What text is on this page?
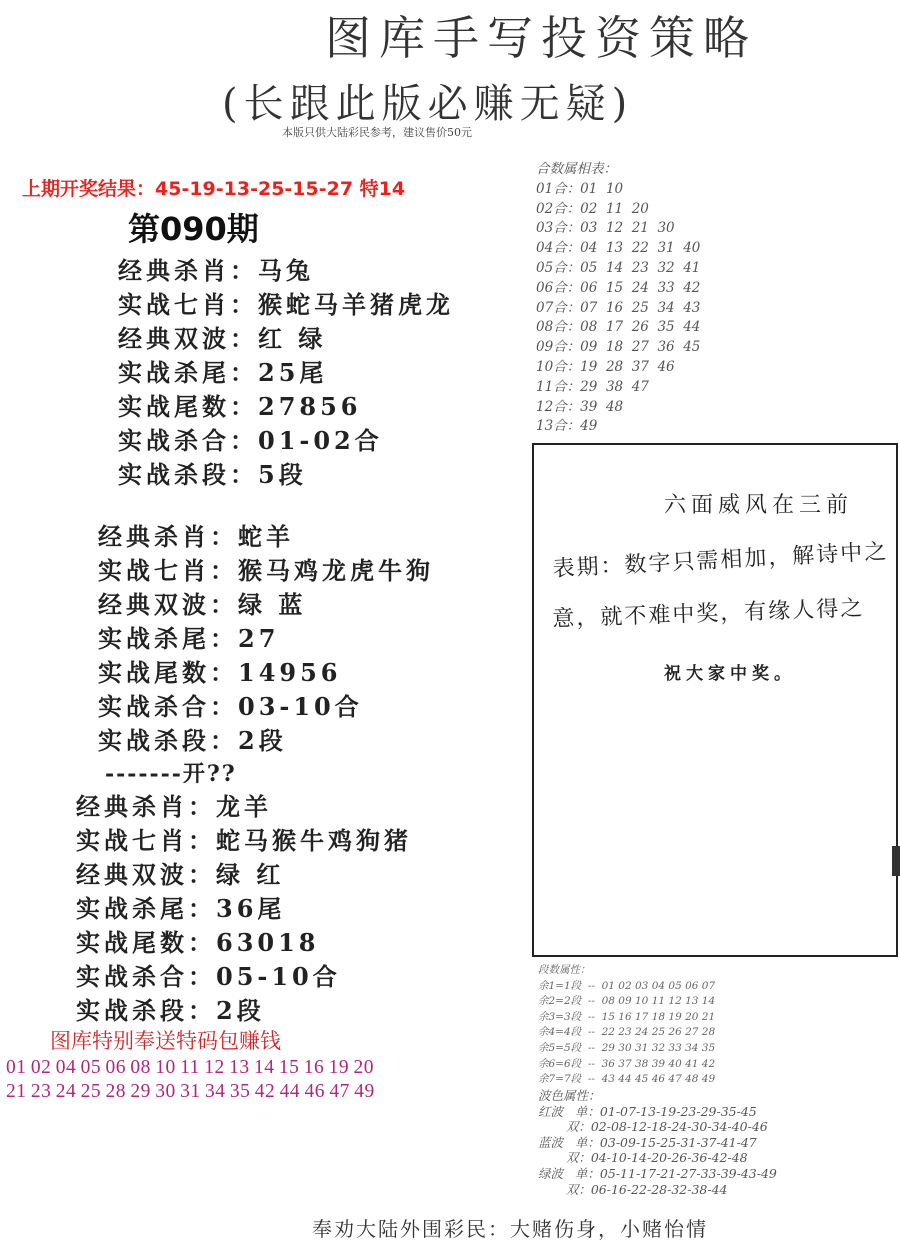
图库手写投资策略
(长跟此版必赚无疑)
本版只供大陆彩民参考，建议售价50元
上期开奖结果：45-19-13-25-15-27 特14
第090期
经典杀肖：马兔
实战七肖：猴蛇马羊猪虎龙
经典双波：红 绿
实战杀尾：25尾
实战尾数：27856
实战杀合：01-02合
实战杀段：5段
经典杀肖：蛇羊
实战七肖：猴马鸡龙虎牛狗
经典双波：绿 蓝
实战杀尾：27
实战尾数：14956
实战杀合：03-10合
实战杀段：2段
-------开??
经典杀肖：龙羊
实战七肖：蛇马猴牛鸡狗猪
经典双波：绿 红
实战杀尾：36尾
实战尾数：63018
实战杀合：05-10合
实战杀段：2段
图库特别奉送特码包赚钱
01 02 04 05 06 08 10 11 12 13 14 15 16 19 20
21 23 24 25 28 29 30 31 34 35 42 44 46 47 49
合数属相表：
01合：01  10
02合：02  11  20
03合：03  12  21  30
04合：04  13  22  31  40
05合：05  14  23  32  41
06合：06  15  24  33  42
07合：07  16  25  34  43
08合：08  17  26  35  44
09合：09  18  27  36  45
10合：19  28  37  46
11合：29  38  47
12合：39  48
13合：49
六面威风在三前
表期：数字只需相加，解诗中之
意，就不难中奖，有缘人得之
祝大家中奖。
段数属性：
余1=1段  --  01 02 03 04 05 06 07
余2=2段  --  08 09 10 11 12 13 14
余3=3段  --  15 16 17 18 19 20 21
余4=4段  --  22 23 24 25 26 27 28
余5=5段  --  29 30 31 32 33 34 35
余6=6段  --  36 37 38 39 40 41 42
余7=7段  --  43 44 45 46 47 48 49
波色属性：
红波   单：01-07-13-19-23-29-35-45
双：02-08-12-18-24-30-34-40-46
蓝波   单：03-09-15-25-31-37-41-47
双：04-10-14-20-26-36-42-48
绿波   单：05-11-17-21-27-33-39-43-49
双：06-16-22-28-32-38-44
奉劝大陆外围彩民：大赌伤身，小赌怡情
